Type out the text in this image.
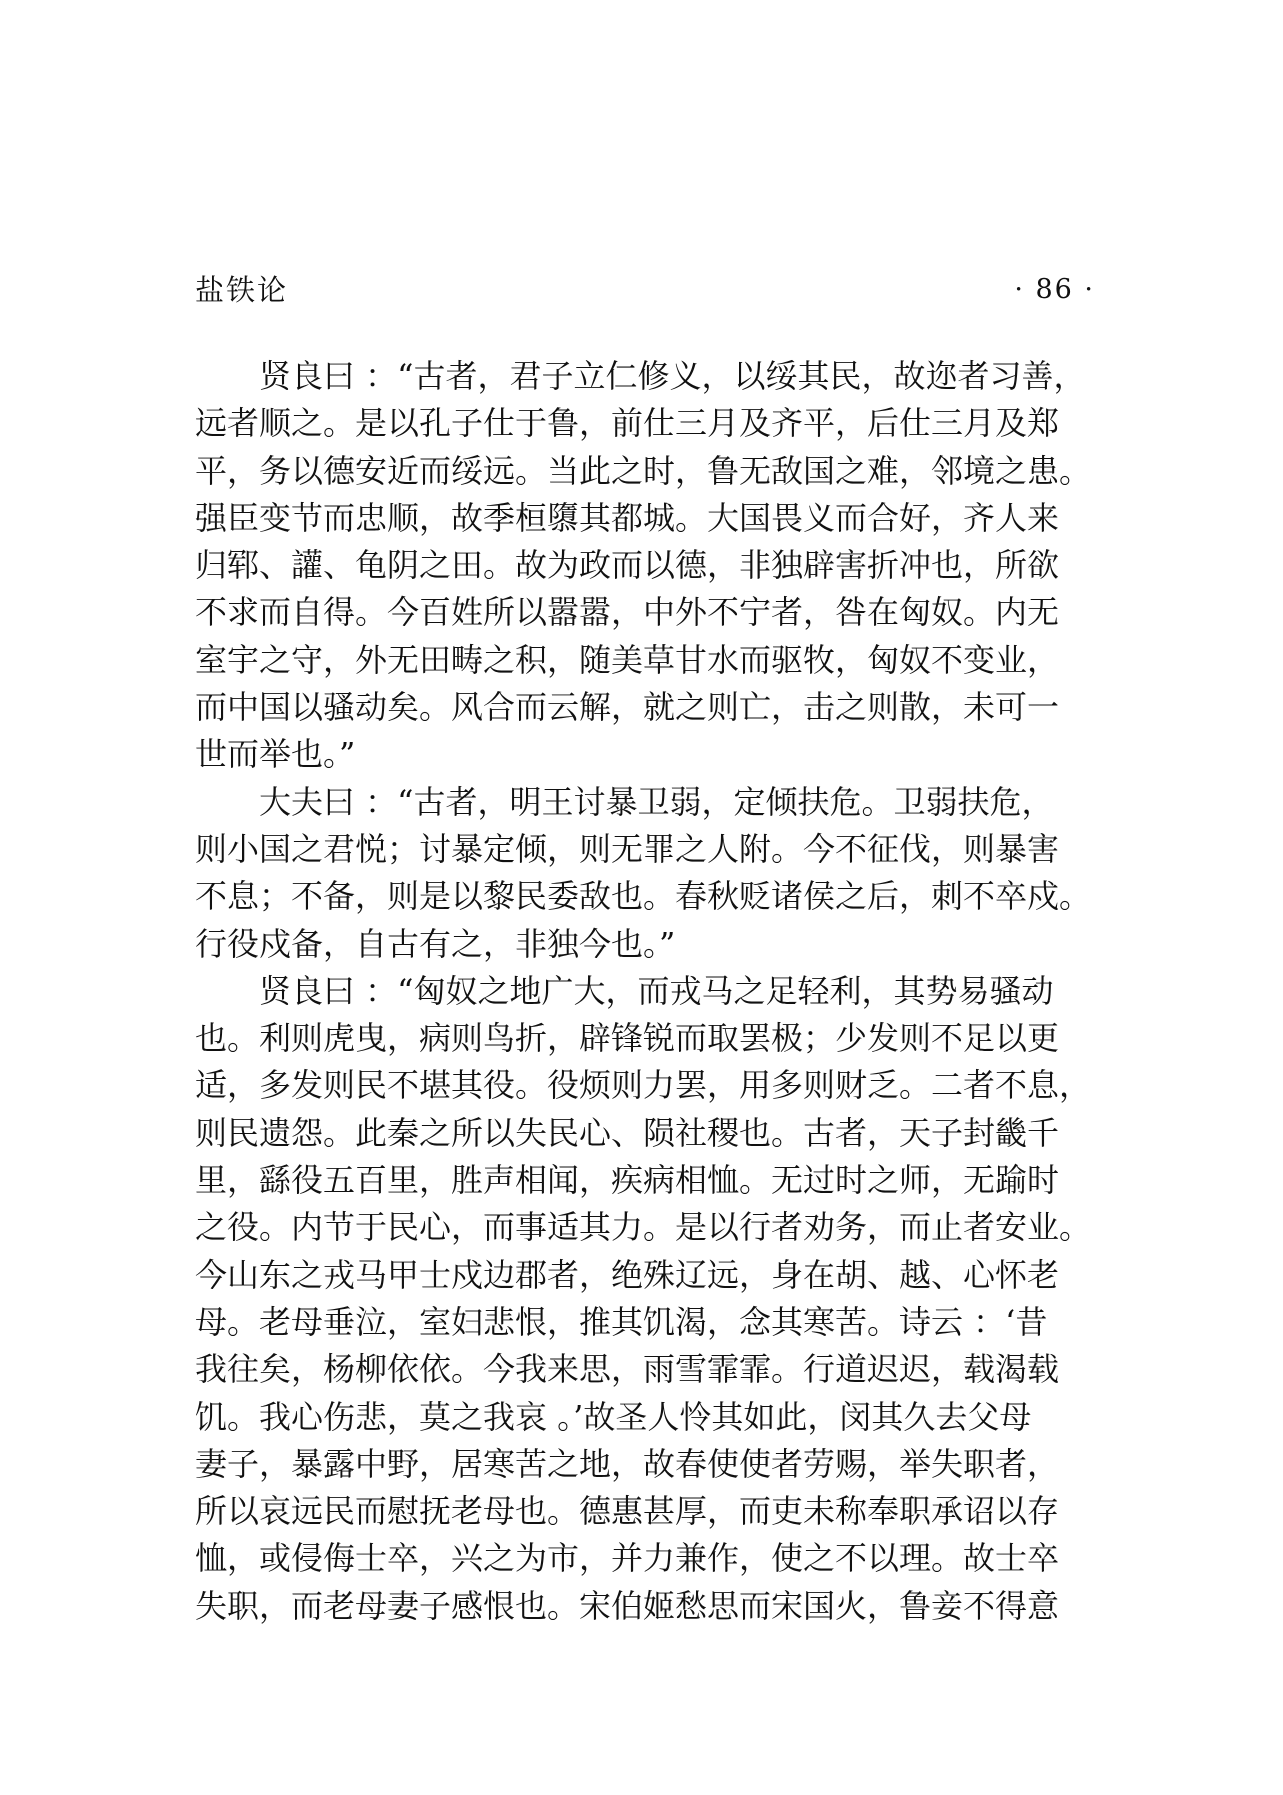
盐铁论	· 86 ·
贤良曰 ：“古者，君子立仁修义，以绥其民，故迩者习善，
远者顺之。是以孔子仕于鲁，前仕三月及齐平，后仕三月及郑
平，务以德安近而绥远。当此之时，鲁无敌国之难，邻境之患。
强臣变节而忠顺，故季桓隳其都城。大国畏义而合好，齐人来
归郓、讙、龟阴之田。故为政而以德，非独辟害折冲也，所欲
不求而自得。今百姓所以嚣嚣，中外不宁者，咎在匈奴。内无
室宇之守，外无田畴之积，随美草甘水而驱牧，匈奴不变业，
而中国以骚动矣。风合而云解，就之则亡，击之则散，未可一
世而举也。”
大夫曰 ：“古者，明王讨暴卫弱，定倾扶危。卫弱扶危，
则小国之君悦；讨暴定倾，则无罪之人附。今不征伐，则暴害
不息；不备，则是以黎民委敌也。春秋贬诸侯之后，刺不卒戍。
行役戍备，自古有之，非独今也。”
贤良曰 ：“匈奴之地广大，而戎马之足轻利，其势易骚动
也。利则虎曳，病则鸟折，辟锋锐而取罢极；少发则不足以更
适，多发则民不堪其役。役烦则力罢，用多则财乏。二者不息，
则民遗怨。此秦之所以失民心、陨社稷也。古者，天子封畿千
里，繇役五百里，胜声相闻，疾病相恤。无过时之师，无踰时
之役。内节于民心，而事适其力。是以行者劝务，而止者安业。
今山东之戎马甲士戍边郡者，绝殊辽远，身在胡、越、心怀老
母。老母垂泣，室妇悲恨，推其饥渴，念其寒苦。诗云 ：‘昔
我往矣，杨柳依依。今我来思，雨雪霏霏。行道迟迟，载渴载
饥。我心伤悲，莫之我哀 。’故圣人怜其如此，闵其久去父母
妻子，暴露中野，居寒苦之地，故春使使者劳赐，举失职者，
所以哀远民而慰抚老母也。德惠甚厚，而吏未称奉职承诏以存
恤，或侵侮士卒，兴之为市，并力兼作，使之不以理。故士卒
失职，而老母妻子感恨也。宋伯姬愁思而宋国火，鲁妾不得意
